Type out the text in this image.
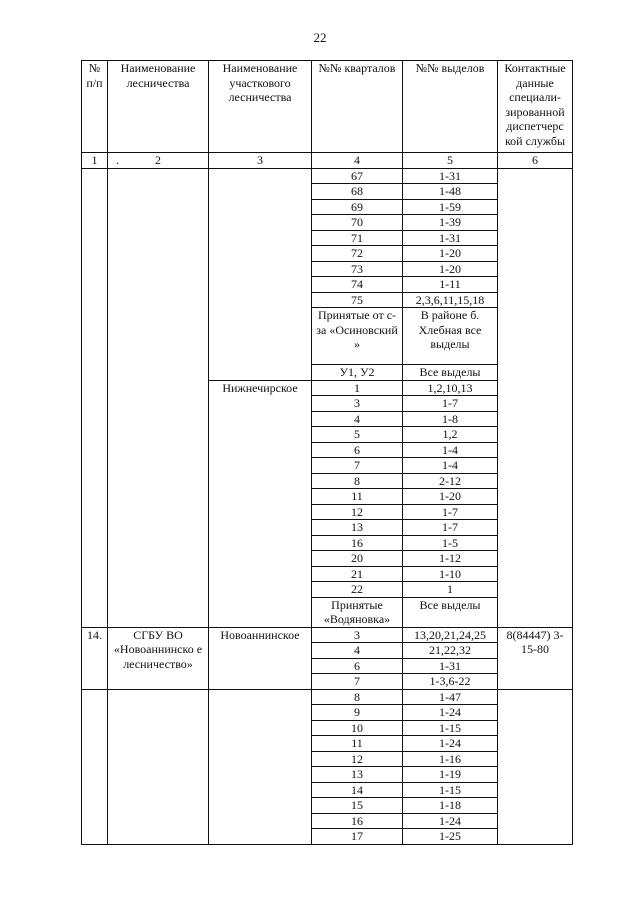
22
№ п/п	Наименование лесничества	Наименование участкового лесничества	№№ кварталов	№№ выделов	Контактные данные специали-зированной диспетчерс кой службы
1	. 2	3	4	5	6
			67	1-31	
			68	1-48	
			69	1-59	
			70	1-39	
			71	1-31	
			72	1-20	
			73	1-20	
			74	1-11	
			75	2,3,6,11,15,18	
			Принятые от с-за «Осиновский »	В районе б. Хлебная все выделы	
			У1, У2	Все выделы	
		Нижнечирское	1	1,2,10,13	
			3	1-7	
			4	1-8	
			5	1,2	
			6	1-4	
			7	1-4	
			8	2-12	
			11	1-20	
			12	1-7	
			13	1-7	
			16	1-5	
			20	1-12	
			21	1-10	
			22	1	
			Принятые «Водяновка»	Все выделы	
14.	СГБУ ВО «Новоаннинско е лесничество»	Новоаннинское	3	13,20,21,24,25	8(84447) 3-15-80
			4	21,22,32	
			6	1-31	
			7	1-3,6-22	
			8	1-47	
			9	1-24	
			10	1-15	
			11	1-24	
			12	1-16	
			13	1-19	
			14	1-15	
			15	1-18	
			16	1-24	
			17	1-25	
